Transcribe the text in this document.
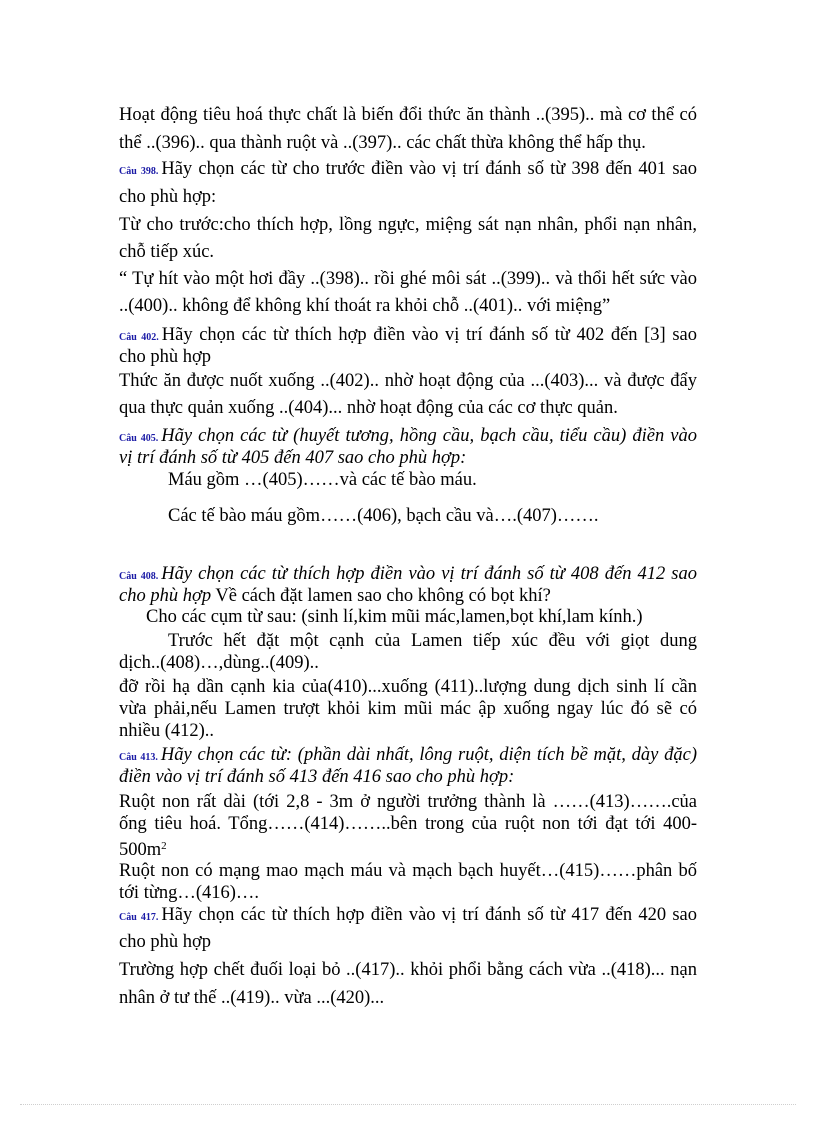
Hoạt động tiêu hoá thực chất là biến đổi thức ăn thành ..(395).. mà cơ thể có
thể ..(396).. qua thành ruột và ..(397).. các chất thừa không thể hấp thụ.
Câu 398. Hãy chọn các từ cho trước điền vào vị trí đánh số từ 398 đến 401 sao
cho phù hợp:
Từ cho trước:cho thích hợp, lồng ngực, miệng sát nạn nhân, phổi nạn nhân,
chỗ tiếp xúc.
“ Tự hít vào một hơi đầy ..(398).. rồi ghé môi sát ..(399).. và thổi hết sức vào
..(400).. không để không khí thoát ra khỏi chỗ ..(401).. với miệng”
Câu 402. Hãy chọn các từ thích hợp điền vào vị trí đánh số từ 402 đến [3] sao
cho phù hợp
Thức ăn được nuốt xuống ..(402).. nhờ hoạt động của ...(403)... và được đẩy
qua thực quản xuống ..(404)... nhờ hoạt động của các cơ thực quản.
Câu 405. Hãy chọn các từ (huyết tương, hồng cầu, bạch cầu, tiểu cầu) điền vào
vị trí đánh số từ 405 đến 407 sao cho phù hợp:
Máu gồm …(405)……và các tế bào máu.
Các tế bào máu gồm……(406), bạch cầu và….(407)…….
Câu 408. Hãy chọn các từ thích hợp điền vào vị trí đánh số từ 408 đến 412 sao
cho phù hợp Về cách đặt lamen sao cho không có bọt khí?
Cho các cụm từ sau: (sinh lí,kim mũi mác,lamen,bọt khí,lam kính.)
Trước hết đặt một cạnh của Lamen tiếp xúc đều với giọt dung
dịch..(408)…,dùng..(409)..
đỡ rồi hạ dần cạnh kia của(410)...xuống (411)..lượng dung dịch sinh lí cần
vừa phải,nếu Lamen trượt khỏi kim mũi mác ập xuống ngay lúc đó sẽ có
nhiều (412)..
Câu 413. Hãy chọn các từ: (phần dài nhất, lông ruột, diện tích bề mặt, dày đặc)
điền vào vị trí đánh số 413 đến 416 sao cho phù hợp:
Ruột non rất dài (tới 2,8 - 3m ở người trưởng thành là ……(413)…….của
ống tiêu hoá. Tổng……(414)……..bên trong của ruột non tới đạt tới 400-
$500m^2$
Ruột non có mạng mao mạch máu và mạch bạch huyết…(415)……phân bố
tới từng…(416)….
Câu 417. Hãy chọn các từ thích hợp điền vào vị trí đánh số từ 417 đến 420 sao
cho phù hợp
Trường hợp chết đuối loại bỏ ..(417).. khỏi phổi bằng cách vừa ..(418)... nạn
nhân ở tư thế ..(419).. vừa ...(420)...
